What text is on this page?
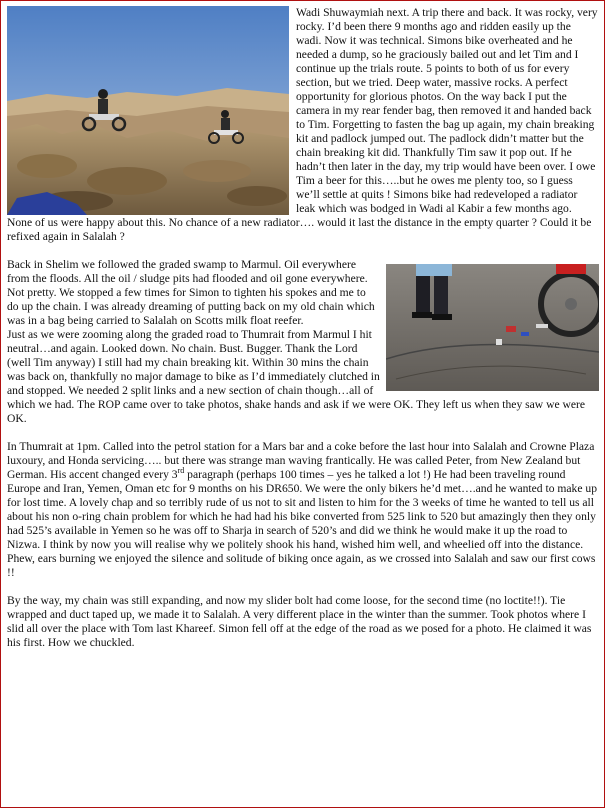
Wadi Shuwaymiah next. A trip there and back. It was rocky, very rocky. I’d been there 9 months ago and ridden easily up the wadi. Now it was technical. Simons bike overheated and he needed a dump, so he graciously bailed out and let Tim and I continue up the trials route. 5 points to both of us for every section, but we tried. Deep water, massive rocks. A perfect opportunity for glorious photos. On the way back I put the camera in my rear fender bag, then removed it and handed back to Tim. Forgetting to fasten the bag up again, my chain breaking kit and padlock jumped out. The padlock didn’t matter but the chain breaking kit did. Thankfully Tim saw it pop out. If he hadn’t then later in the day, my trip would have been over. I owe Tim a beer for this…..but he owes me plenty too, so I guess we’ll settle at quits ! Simons bike had redeveloped a radiator leak which was bodged in Wadi al Kabir a few months ago. None of us were happy about this. No chance of a new radiator…. would it last the distance in the empty quarter ? Could it be refixed again in Salalah ?

Back in Shelim we followed the graded swamp to Marmul. Oil everywhere from the floods. All the oil / sludge pits had flooded and oil gone everywhere. Not pretty. We stopped a few times for Simon to tighten his spokes and me to do up the chain. I was already dreaming of putting back on my old chain which was in a bag being carried to Salalah on Scotts milk float reefer.
Just as we were zooming along the graded road to Thumrait from Marmul I hit neutral…and again. Looked down. No chain. Bust. Bugger. Thank the Lord (well Tim anyway) I still had my chain breaking kit. Within 30 mins the chain was back on, thankfully no major damage to bike as I’d immediately clutched in and stopped. We needed 2 split links and a new section of chain though…all of which we had. The ROP came over to take photos, shake hands and ask if we were OK. They left us when they saw we were OK.

In Thumrait at 1pm. Called into the petrol station for a Mars bar and a coke before the last hour into Salalah and Crowne Plaza luxoury, and Honda servicing….. but there was strange man waving frantically. He was called Peter, from New Zealand but German. His accent changed every 3rd paragraph (perhaps 100 times – yes he talked a lot !) He had been traveling round Europe and Iran, Yemen, Oman etc for 9 months on his DR650. We were the only bikers he’d met….and he wanted to make up for lost time. A lovely chap and so terribly rude of us not to sit and listen to him for the 3 weeks of time he wanted to tell us all about his non o-ring chain problem for which he had had his bike converted from 525 link to 520 but amazingly then they only had 525’s available in Yemen so he was off to Sharja in search of 520’s and did we think he would make it up the road to Nizwa. I think by now you will realise why we politely shook his hand, wished him well, and wheelied off into the distance. Phew, ears burning we enjoyed the silence and solitude of biking once again, as we crossed into Salalah and saw our first cows !!

By the way, my chain was still expanding, and now my slider bolt had come loose, for the second time (no loctite!!). Tie wrapped and duct taped up, we made it to Salalah. A very different place in the winter than the summer. Took photos where I slid all over the place with Tom last Khareef. Simon fell off at the edge of the road as we posed for a photo. He claimed it was his first. How we chuckled.
